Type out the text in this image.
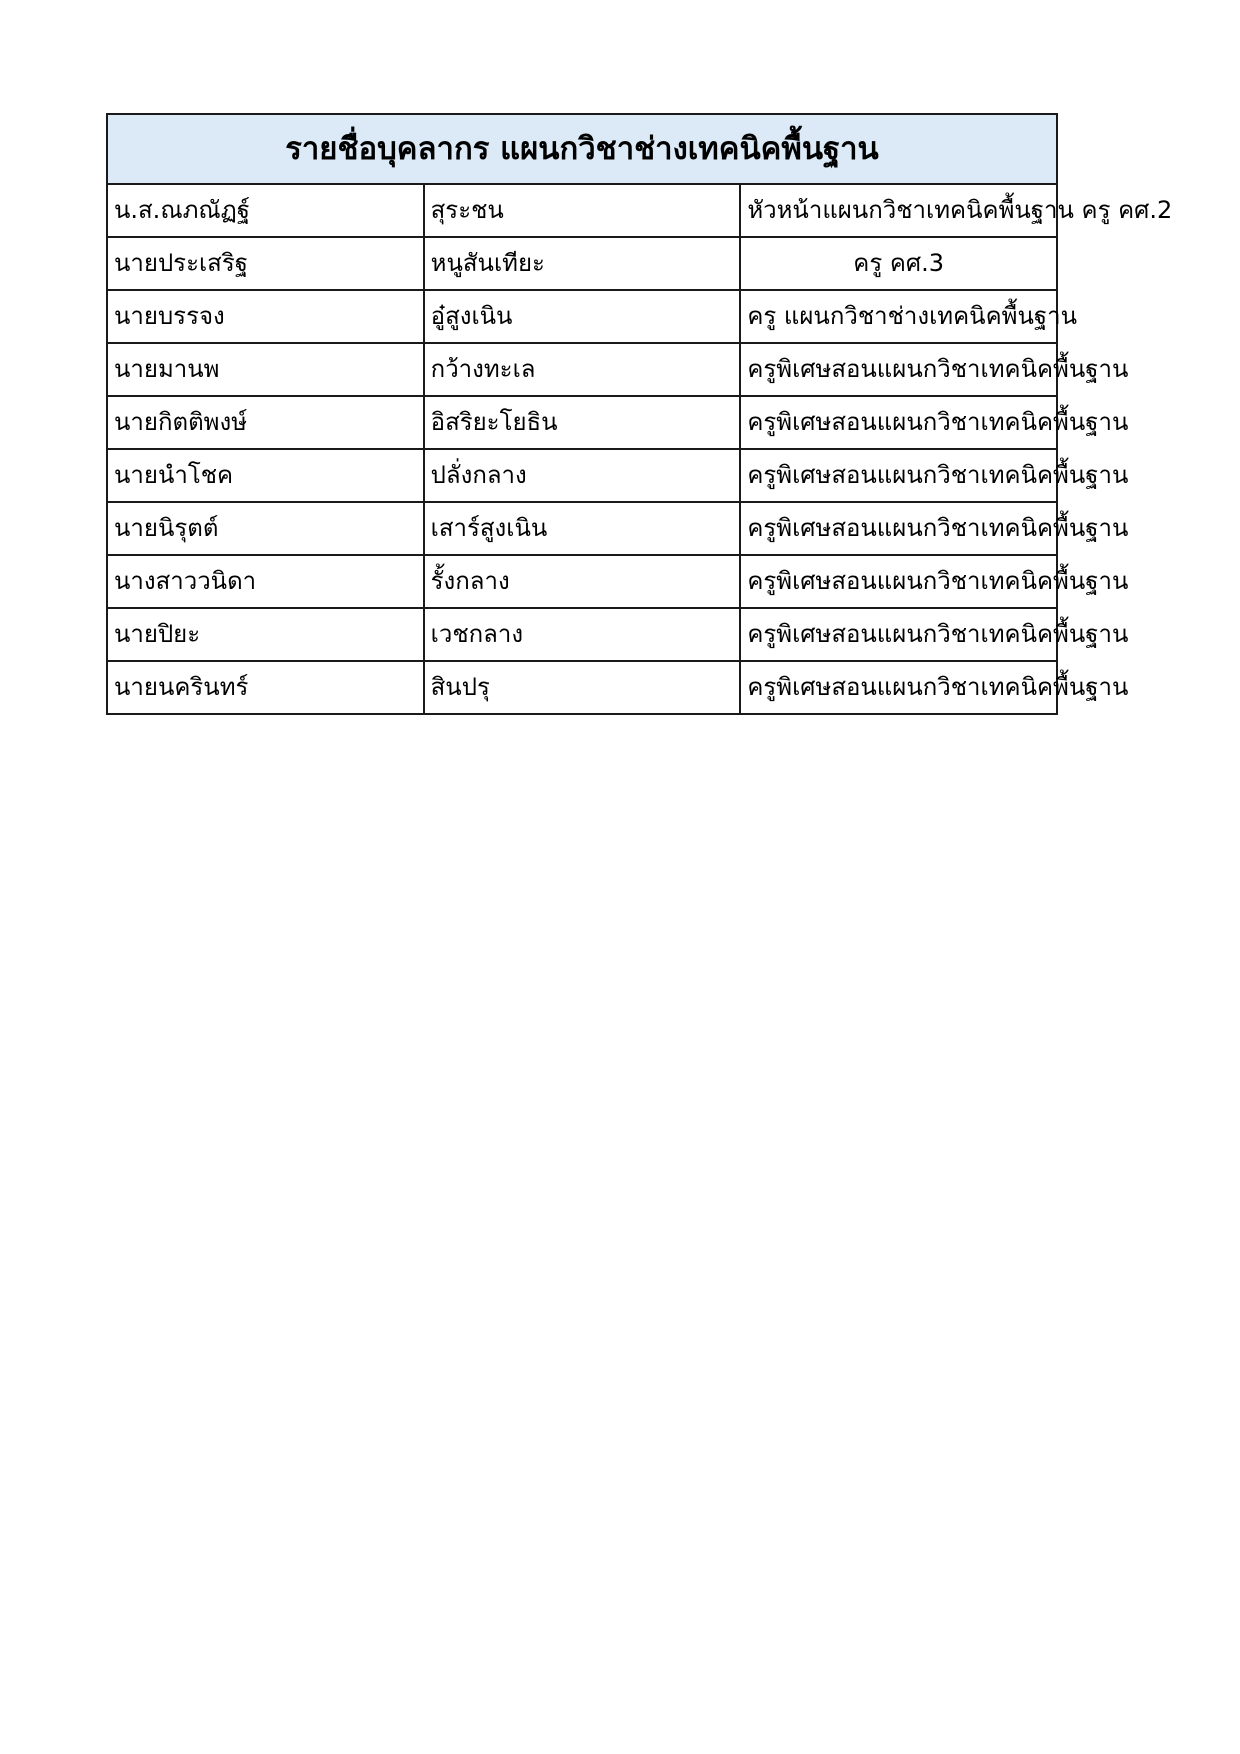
รายชื่อบุคลากร แผนกวิชาช่างเทคนิคพื้นฐาน		
น.ส.ณภณัฏฐ์	สุระชน	หัวหน้าแผนกวิชาเทคนิคพื้นฐาน ครู คศ.2
นายประเสริฐ	หนูสันเทียะ	ครู คศ.3
นายบรรจง	อู๋สูงเนิน	ครู แผนกวิชาช่างเทคนิคพื้นฐาน
นายมานพ	กว้างทะเล	ครูพิเศษสอนแผนกวิชาเทคนิคพื้นฐาน
นายกิตติพงษ์	อิสริยะโยธิน	ครูพิเศษสอนแผนกวิชาเทคนิคพื้นฐาน
นายนำโชค	ปลั่งกลาง	ครูพิเศษสอนแผนกวิชาเทคนิคพื้นฐาน
นายนิรุตต์	เสาร์สูงเนิน	ครูพิเศษสอนแผนกวิชาเทคนิคพื้นฐาน
นางสาววนิดา	รั้งกลาง	ครูพิเศษสอนแผนกวิชาเทคนิคพื้นฐาน
นายปิยะ	เวชกลาง	ครูพิเศษสอนแผนกวิชาเทคนิคพื้นฐาน
นายนครินทร์	สินปรุ	ครูพิเศษสอนแผนกวิชาเทคนิคพื้นฐาน
